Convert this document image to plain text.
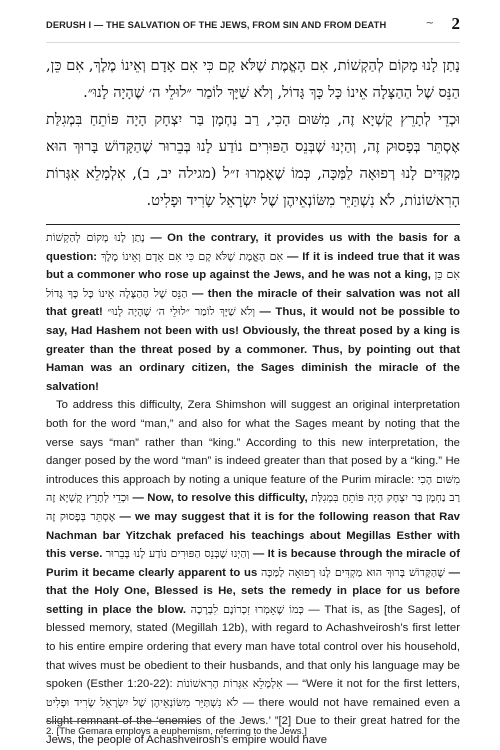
DERUSH I — THE SALVATION OF THE JEWS, FROM SIN AND FROM DEATH	~ 2
נָתַן לָנוּ מָקוֹם לְהַקְשׁוֹת, אִם הָאֱמֶת שֶׁלֹּא קָם כִּי אִם אָדָם וְאֵינוֹ מֶלֶךְ, אִם כֵּן, הַנֵּס שֶׁל הַהַצָּלָה אֵינוֹ כָּל כָּךְ גָּדוֹל, וְלֹא שַׁיָּךְ לוֹמַר ״לוּלֵי ה׳ שֶׁהָיָה לָנוּ״.
וּכְדֵי לְתָרֵץ קֻשְׁיָא זֶה, מִשּׁוּם הָכִי, רַב נַחְמָן בַּר יִצְחָק הָיָה פּוֹתֵחַ בִּמְגִלַּת אֶסְתֵּר בְּפָסוּק זֶה, וְהַיְנוּ שֶׁבְּנֵס הַפּוּרִים נוֹדַע לָנוּ בְּבֵרוּר שֶׁהַקָּדוֹשׁ בָּרוּךְ הוּא מַקְדִּים לָנוּ רְפוּאָה לַמַּכָּה, כְּמוֹ שֶׁאָמְרוּ ז״ל (מגילה יב, ב), אִלְמָלֵא אִגְּרוֹת הָרִאשׁוֹנוֹת, לֹא נִשְׁתַּיֵּר מִשּׂוֹנְאֵיהֶן שֶׁל יִשְׂרָאֵל שָׂרִיד וּפָלִיט.

נָתַן לָנוּ מָקוֹם לְהַקְשׁוֹת — On the contrary, it provides us with the basis for a question: אִם הָאֱמֶת שֶׁלֹּא קָם כִּי אִם אָדָם וְאֵינוֹ מֶלֶךְ — If it is indeed true that it was but a commoner who rose up against the Jews, and he was not a king, אִם כֵּן הַנֵּס שֶׁל הַהַצָּלָה אֵינוֹ כָּל כָּךְ גָּדוֹל — then the miracle of their salvation was not all that great! וְלֹא שַׁיָּךְ לוֹמַר ״לוּלֵי ה׳ שֶׁהָיָה לָנוּ״ — Thus, it would not be possible to say, Had Hashem not been with us! Obviously, the threat posed by a king is greater than the threat posed by a commoner. Thus, by pointing out that Haman was an ordinary citizen, the Sages diminish the miracle of the salvation!

To address this difficulty, Zera Shimshon will suggest an original interpretation both for the word “man,” and also for what the Sages meant by noting that the verse says “man” rather than “king.” According to this new interpretation, the danger posed by the word “man” is indeed greater than that posed by a “king.” He introduces this approach by noting a unique feature of the Purim miracle: מִשּׁוּם הָכִי וּכְדֵי לְתָרֵץ קֻשְׁיָא זֶה — Now, to resolve this difficulty, רַב נַחְמָן בַּר יִצְחָק הָיָה פּוֹתֵחַ בִּמְגִלַּת אֶסְתֵּר בְּפָסוּק זֶה — we may suggest that it is for the following reason that Rav Nachman bar Yitzchak prefaced his teachings about Megillas Esther with this verse. וְהַיְנוּ שֶׁבְּנֵס הַפּוּרִים נוֹדַע לָנוּ בְּבֵרוּר — It is because through the miracle of Purim it became clearly apparent to us שֶׁהַקָּדוֹשׁ בָּרוּךְ הוּא מַקְדִּים לָנוּ רְפוּאָה לַמַּכָּה — that the Holy One, Blessed is He, sets the remedy in place for us before setting in place the blow. כְּמוֹ שֶׁאָמְרוּ זִכְרוֹנָם לִבְרָכָה — That is, as [the Sages], of blessed memory, stated (Megillah 12b), with regard to Achashveirosh’s first letter to his entire empire ordering that every man have total control over his household, that wives must be obedient to their husbands, and that only his language may be spoken (Esther 1:20-22): אִלְמָלֵא אִגְּרוֹת הָרִאשׁוֹנוֹת — “Were it not for the first letters, לֹא נִשְׁתַּיֵּר מִשּׂוֹנְאֵיהֶן שֶׁל יִשְׂרָאֵל שָׂרִיד וּפָלִיט — there would not have remained even a slight remnant of the ‘enemies of the Jews.’ ”[2] Due to their great hatred for the Jews, the people of Achashveirosh’s empire would have

2. [The Gemara employs a euphemism, referring to the Jews.]
